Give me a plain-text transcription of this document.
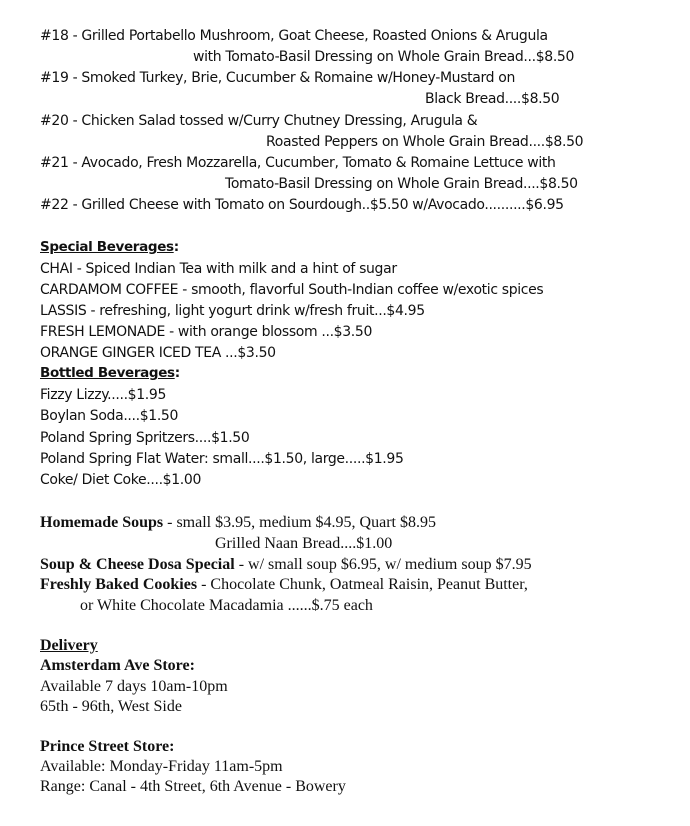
#18 - Grilled Portabello Mushroom, Goat Cheese, Roasted Onions & Arugula
with Tomato-Basil Dressing on Whole Grain Bread...$8.50
#19 - Smoked Turkey, Brie, Cucumber & Romaine w/Honey-Mustard on
Black Bread....$8.50
#20 - Chicken Salad tossed w/Curry Chutney Dressing, Arugula &
Roasted Peppers on Whole Grain Bread....$8.50
#21 - Avocado, Fresh Mozzarella, Cucumber, Tomato & Romaine Lettuce with
Tomato-Basil Dressing on Whole Grain Bread....$8.50
#22 - Grilled Cheese with Tomato on Sourdough..$5.50 w/Avocado..........$6.95
Special Beverages:
CHAI - Spiced Indian Tea with milk and a hint of sugar
CARDAMOM COFFEE - smooth, flavorful South-Indian coffee w/exotic spices
LASSIS - refreshing, light yogurt drink w/fresh fruit...$4.95
FRESH LEMONADE - with orange blossom ...$3.50
ORANGE GINGER ICED TEA ...$3.50
Bottled Beverages:
Fizzy Lizzy.....$1.95
Boylan Soda....$1.50
Poland Spring Spritzers....$1.50
Poland Spring Flat Water: small....$1.50, large.....$1.95
Coke/ Diet Coke....$1.00
Homemade Soups - small $3.95, medium $4.95, Quart $8.95
Grilled Naan Bread....$1.00
Soup & Cheese Dosa Special - w/ small soup $6.95, w/ medium soup $7.95
Freshly Baked Cookies - Chocolate Chunk, Oatmeal Raisin, Peanut Butter,
or White Chocolate Macadamia ......$.75 each
Delivery
Amsterdam Ave Store:
Available 7 days 10am-10pm
65th - 96th, West Side
Prince Street Store:
Available: Monday-Friday 11am-5pm
Range: Canal - 4th Street, 6th Avenue - Bowery
